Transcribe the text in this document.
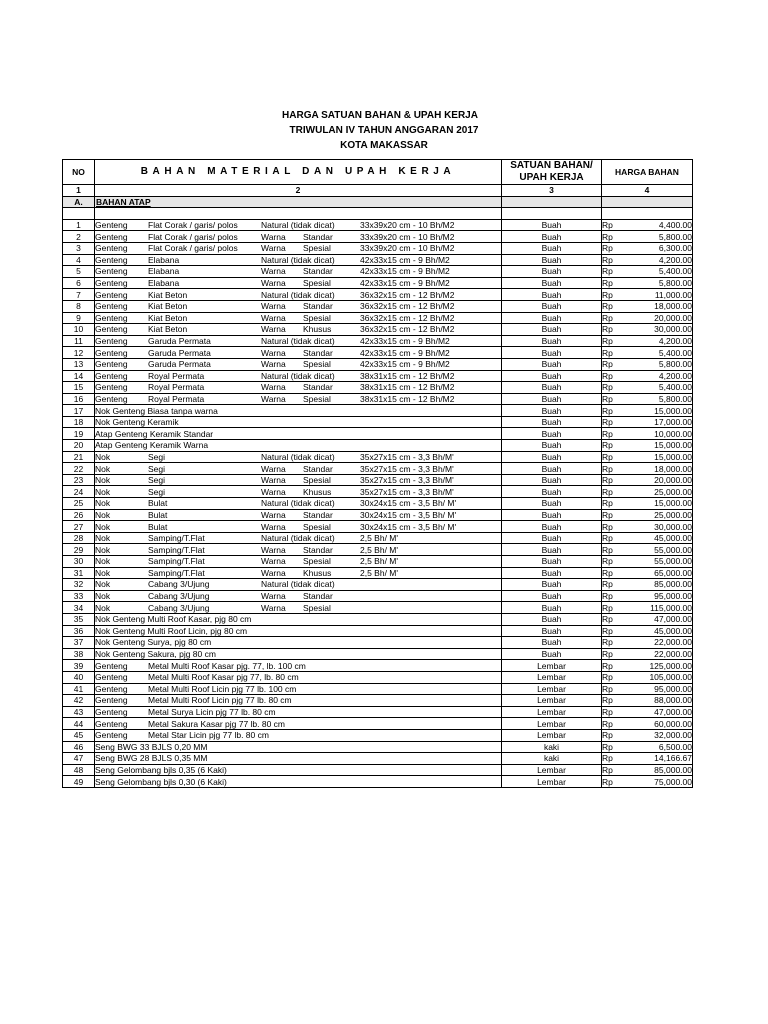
HARGA SATUAN BAHAN & UPAH KERJA
TRIWULAN IV TAHUN ANGGARAN 2017
KOTA MAKASSAR
NO	BAHAN MATERIAL DAN UPAH KERJA	SATUAN BAHAN/ UPAH KERJA	HARGA BAHAN
1	2	3	4
A.	BAHAN ATAP		

1	Genteng Flat Corak / garis/ polos Natural (tidak dicat) 33x39x20 cm - 10 Bh/M2	Buah	Rp 4,400.00

2	Genteng Flat Corak / garis/ polos Warna Standar 33x39x20 cm - 10 Bh/M2	Buah	Rp 5,800.00

3	Genteng Flat Corak / garis/ polos Warna Spesial 33x39x20 cm - 10 Bh/M2	Buah	Rp 6,300.00

4	Genteng Elabana Natural (tidak dicat) 42x33x15 cm - 9 Bh/M2	Buah	Rp 4,200.00

5	Genteng Elabana Warna Standar 42x33x15 cm - 9 Bh/M2	Buah	Rp 5,400.00

6	Genteng Elabana Warna Spesial 42x33x15 cm - 9 Bh/M2	Buah	Rp 5,800.00

7	Genteng Kiat Beton Natural (tidak dicat) 36x32x15 cm - 12 Bh/M2	Buah	Rp 11,000.00

8	Genteng Kiat Beton Warna Standar 36x32x15 cm - 12 Bh/M2	Buah	Rp 18,000.00

9	Genteng Kiat Beton Warna Spesial 36x32x15 cm - 12 Bh/M2	Buah	Rp 20,000.00

10	Genteng Kiat Beton Warna Khusus 36x32x15 cm - 12 Bh/M2	Buah	Rp 30,000.00

11	Genteng Garuda Permata Natural (tidak dicat) 42x33x15 cm - 9 Bh/M2	Buah	Rp 4,200.00

12	Genteng Garuda Permata Warna Standar 42x33x15 cm - 9 Bh/M2	Buah	Rp 5,400.00

13	Genteng Garuda Permata Warna Spesial 42x33x15 cm - 9 Bh/M2	Buah	Rp 5,800.00

14	Genteng Royal Permata Natural (tidak dicat) 38x31x15 cm - 12 Bh/M2	Buah	Rp 4,200.00

15	Genteng Royal Permata Warna Standar 38x31x15 cm - 12 Bh/M2	Buah	Rp 5,400.00

16	Genteng Royal Permata Warna Spesial 38x31x15 cm - 12 Bh/M2	Buah	Rp 5,800.00

17	Nok Genteng Biasa tanpa warna	Buah	Rp 15,000.00

18	Nok Genteng Keramik	Buah	Rp 17,000.00

19	Atap Genteng Keramik Standar	Buah	Rp 10,000.00

20	Atap Genteng Keramik Warna	Buah	Rp 15,000.00

21	Nok Segi Natural (tidak dicat) 35x27x15 cm - 3,3 Bh/M'	Buah	Rp 15,000.00

22	Nok Segi Warna Standar 35x27x15 cm - 3,3 Bh/M'	Buah	Rp 18,000.00

23	Nok Segi Warna Spesial 35x27x15 cm - 3,3 Bh/M'	Buah	Rp 20,000.00

24	Nok Segi Warna Khusus 35x27x15 cm - 3,3 Bh/M'	Buah	Rp 25,000.00

25	Nok Bulat Natural (tidak dicat) 30x24x15 cm - 3,5 Bh/ M'	Buah	Rp 15,000.00

26	Nok Bulat Warna Standar 30x24x15 cm - 3,5 Bh/ M'	Buah	Rp 25,000.00

27	Nok Bulat Warna Spesial 30x24x15 cm - 3,5 Bh/ M'	Buah	Rp 30,000.00

28	Nok Samping/T.Flat Natural (tidak dicat) 2,5 Bh/ M'	Buah	Rp 45,000.00

29	Nok Samping/T.Flat Warna Standar 2,5 Bh/ M'	Buah	Rp 55,000.00

30	Nok Samping/T.Flat Warna Spesial 2,5 Bh/ M'	Buah	Rp 55,000.00

31	Nok Samping/T.Flat Warna Khusus 2,5 Bh/ M'	Buah	Rp 65,000.00

32	Nok Cabang 3/Ujung Natural (tidak dicat)	Buah	Rp 85,000.00

33	Nok Cabang 3/Ujung Warna Standar	Buah	Rp 95,000.00

34	Nok Cabang 3/Ujung Warna Spesial	Buah	Rp 115,000.00

35	Nok Genteng Multi Roof Kasar, pjg 80 cm	Buah	Rp 47,000.00

36	Nok Genteng Multi Roof Licin, pjg 80 cm	Buah	Rp 45,000.00

37	Nok Genteng Surya, pjg 80 cm	Buah	Rp 22,000.00

38	Nok Genteng Sakura, pjg 80 cm	Buah	Rp 22,000.00

39	Genteng Metal Multi Roof Kasar pjg. 77, lb. 100 cm	Lembar	Rp 125,000.00

40	Genteng Metal Multi Roof Kasar pjg 77, lb. 80 cm	Lembar	Rp 105,000.00

41	Genteng Metal Multi Roof Licin pjg 77 lb. 100 cm	Lembar	Rp 95,000.00

42	Genteng Metal Multi Roof Licin pjg 77 lb. 80 cm	Lembar	Rp 88,000.00

43	Genteng Metal Surya Licin pjg 77 lb. 80 cm	Lembar	Rp 47,000.00

44	Genteng Metal Sakura Kasar pjg 77 lb. 80 cm	Lembar	Rp 60,000.00

45	Genteng Metal Star Licin pjg 77 lb. 80 cm	Lembar	Rp 32,000.00

46	Seng BWG 33 BJLS 0,20 MM	kaki	Rp 6,500.00

47	Seng BWG 28 BJLS 0,35 MM	kaki	Rp 14,166.67

48	Seng Gelombang bjls 0,35 (6 Kaki)	Lembar	Rp 85,000.00

49	Seng Gelombang bjls 0,30 (6 Kaki)	Lembar	Rp 75,000.00
